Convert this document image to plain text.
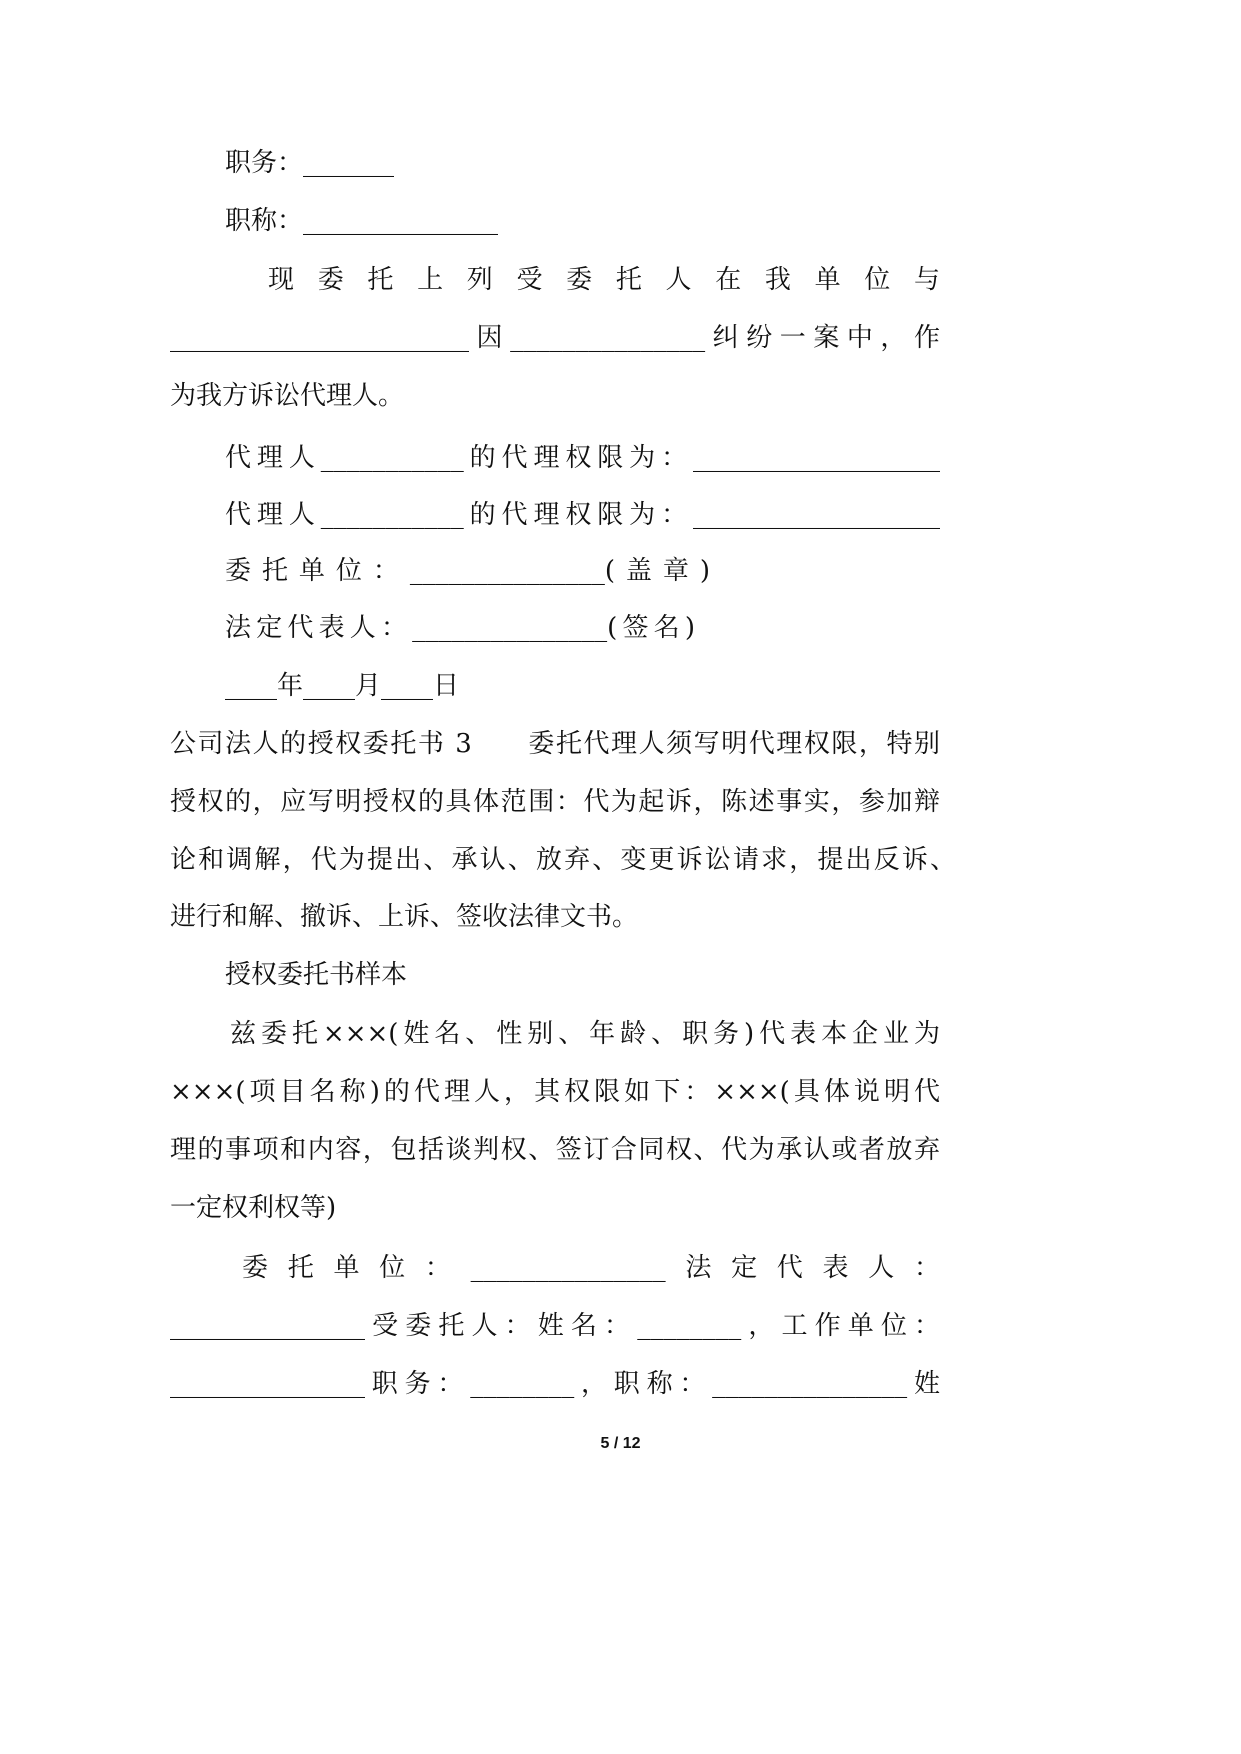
职务：_______
职称：_______________
现委托上列受委托人在我单位与
_______________________因_______________纠纷一案中，作
为我方诉讼代理人。
代理人___________的代理权限为：___________________
代理人___________的代理权限为：___________________
委托单位：_______________(盖章)
法定代表人：_______________(签名)
____年____月____日
公司法人的授权委托书 3　　委托代理人须写明代理权限，特别
授权的，应写明授权的具体范围：代为起诉，陈述事实，参加辩
论和调解，代为提出、承认、放弃、变更诉讼请求，提出反诉、
进行和解、撤诉、上诉、签收法律文书。
授权委托书样本
兹委托×××(姓名、性别、年龄、职务)代表本企业为
×××(项目名称)的代理人，其权限如下：×××(具体说明代
理的事项和内容，包括谈判权、签订合同权、代为承认或者放弃
一定权利权等)
委托单位：_______________法定代表人：
_______________受委托人：姓名：________，工作单位：
_______________职务：________，职称：_______________姓
5 / 12
